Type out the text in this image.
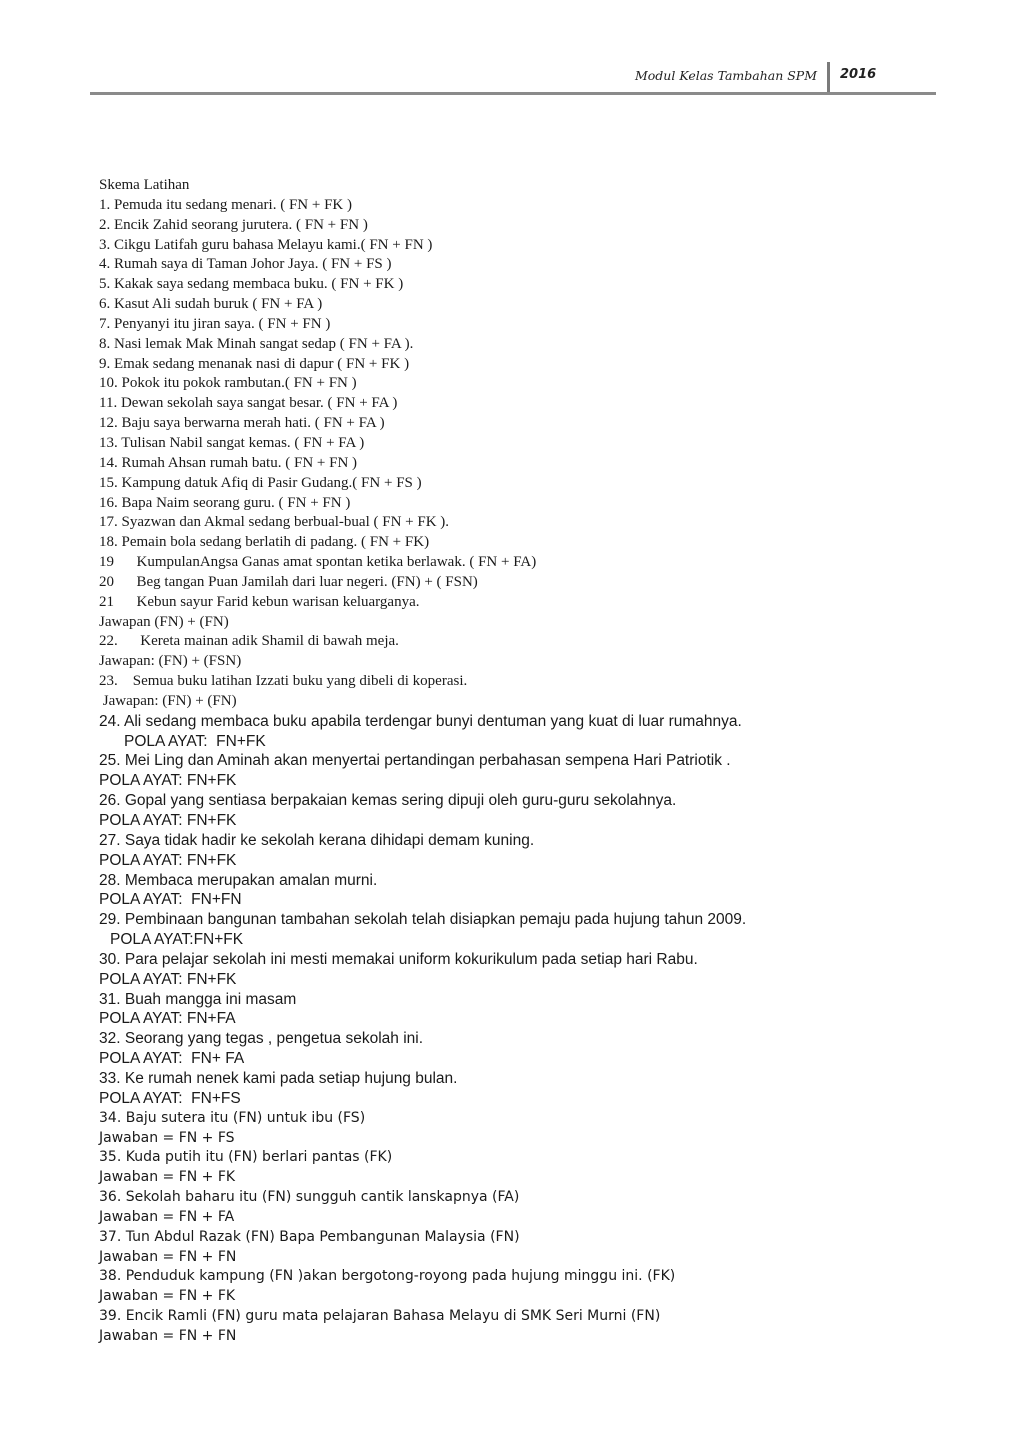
Modul Kelas Tambahan SPM 2016
Skema Latihan
1. Pemuda itu sedang menari. ( FN + FK )
2. Encik Zahid seorang jurutera. ( FN + FN )
3. Cikgu Latifah guru bahasa Melayu kami.( FN + FN )
4. Rumah saya di Taman Johor Jaya. ( FN + FS )
5. Kakak saya sedang membaca buku. ( FN + FK )
6. Kasut Ali sudah buruk ( FN + FA )
7. Penyanyi itu jiran saya. ( FN + FN )
8. Nasi lemak Mak Minah sangat sedap ( FN + FA ).
9. Emak sedang menanak nasi di dapur ( FN + FK )
10. Pokok itu pokok rambutan.( FN + FN )
11. Dewan sekolah saya sangat besar. ( FN + FA )
12. Baju saya berwarna merah hati. ( FN + FA )
13. Tulisan Nabil sangat kemas. ( FN + FA )
14. Rumah Ahsan rumah batu. ( FN + FN )
15. Kampung datuk Afiq di Pasir Gudang.( FN + FS )
16. Bapa Naim seorang guru. ( FN + FN )
17. Syazwan dan Akmal sedang berbual-bual ( FN + FK ).
18. Pemain bola sedang berlatih di padang. ( FN + FK)
19      KumpulanAngsa Ganas amat spontan ketika berlawak. ( FN + FA)
20      Beg tangan Puan Jamilah dari luar negeri. (FN) + ( FSN)
21      Kebun sayur Farid kebun warisan keluarganya.
Jawapan (FN) + (FN)
22.      Kereta mainan adik Shamil di bawah meja.
Jawapan: (FN) + (FSN)
23.    Semua buku latihan Izzati buku yang dibeli di koperasi.
Jawapan: (FN) + (FN)
24. Ali sedang membaca buku apabila terdengar bunyi dentuman yang kuat di luar rumahnya.
POLA AYAT:  FN+FK
25. Mei Ling dan Aminah akan menyertai pertandingan perbahasan sempena Hari Patriotik .
POLA AYAT: FN+FK
26. Gopal yang sentiasa berpakaian kemas sering dipuji oleh guru-guru sekolahnya.
POLA AYAT: FN+FK
27. Saya tidak hadir ke sekolah kerana dihidapi demam kuning.
POLA AYAT: FN+FK
28. Membaca merupakan amalan murni.
POLA AYAT:  FN+FN
29. Pembinaan bangunan tambahan sekolah telah disiapkan pemaju pada hujung tahun 2009.
POLA AYAT:FN+FK
30. Para pelajar sekolah ini mesti memakai uniform kokurikulum pada setiap hari Rabu.
POLA AYAT: FN+FK
31. Buah mangga ini masam
POLA AYAT: FN+FA
32. Seorang yang tegas , pengetua sekolah ini.
POLA AYAT:  FN+ FA
33. Ke rumah nenek kami pada setiap hujung bulan.
POLA AYAT:  FN+FS
34. Baju sutera itu (FN) untuk ibu (FS)
Jawaban = FN + FS
35. Kuda putih itu (FN) berlari pantas (FK)
Jawaban = FN + FK
36. Sekolah baharu itu (FN) sungguh cantik lanskapnya (FA)
Jawaban = FN + FA
37. Tun Abdul Razak (FN) Bapa Pembangunan Malaysia (FN)
Jawaban = FN + FN
38. Penduduk kampung (FN )akan bergotong-royong pada hujung minggu ini. (FK)
Jawaban = FN + FK
39. Encik Ramli (FN) guru mata pelajaran Bahasa Melayu di SMK Seri Murni (FN)
Jawaban = FN + FN
